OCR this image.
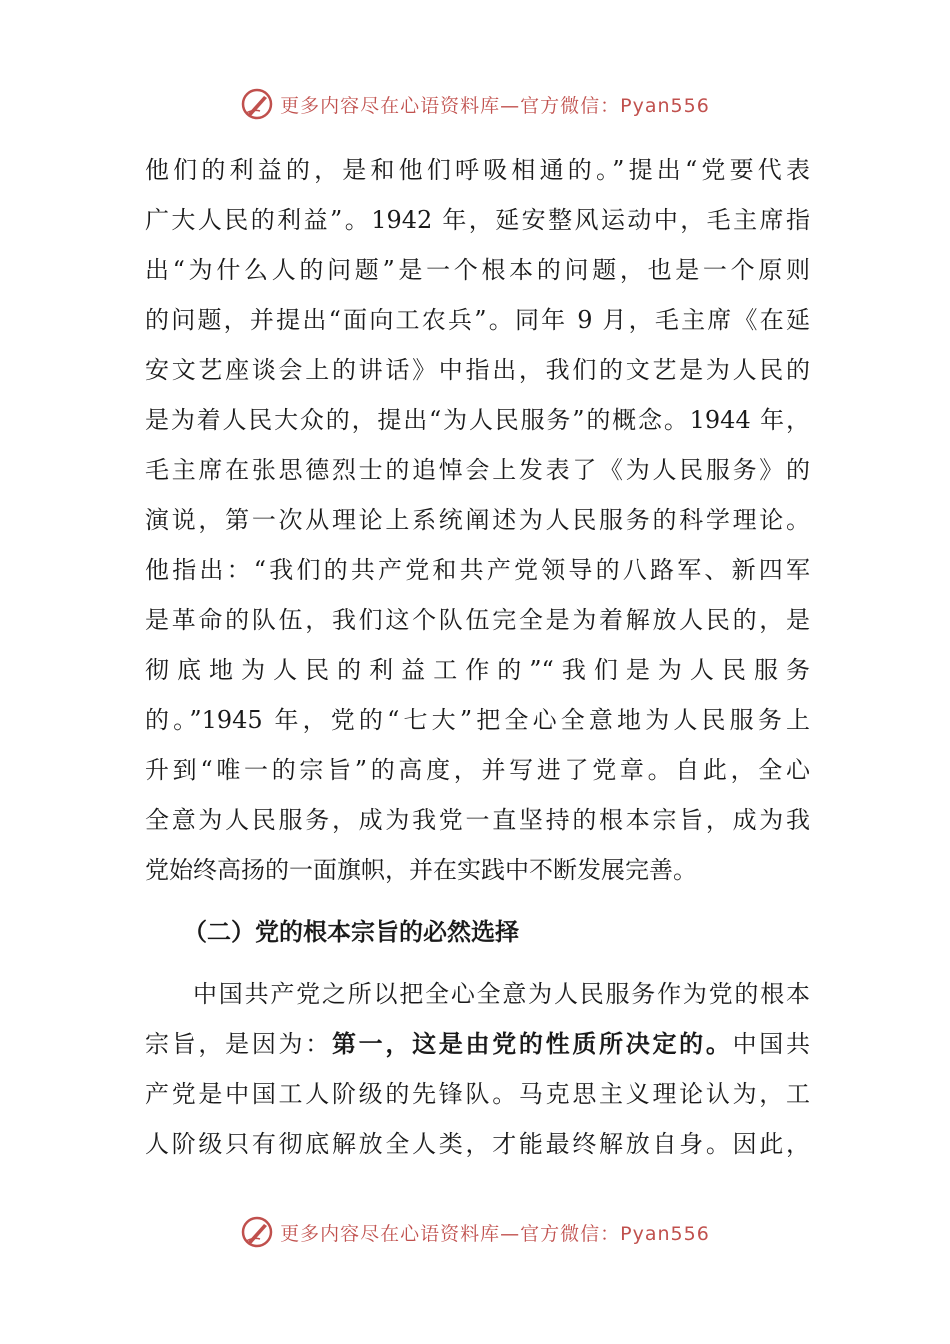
更多内容尽在心语资料库—官方微信：Pyan556
他们的利益的，是和他们呼吸相通的。”提出“党要代表
广大人民的利益”。1942 年，延安整风运动中，毛主席指
出“为什么人的问题”是一个根本的问题，也是一个原则
的问题，并提出“面向工农兵”。同年 9 月，毛主席《在延
安文艺座谈会上的讲话》中指出，我们的文艺是为人民的
是为着人民大众的，提出“为人民服务”的概念。1944 年，
毛主席在张思德烈士的追悼会上发表了《为人民服务》的
演说，第一次从理论上系统阐述为人民服务的科学理论。
他指出：“我们的共产党和共产党领导的八路军、新四军
是革命的队伍，我们这个队伍完全是为着解放人民的，是
彻底地为人民的利益工作的”“我们是为人民服务
的。”1945 年，党的“七大”把全心全意地为人民服务上
升到“唯一的宗旨”的高度，并写进了党章。自此，全心
全意为人民服务，成为我党一直坚持的根本宗旨，成为我
党始终高扬的一面旗帜，并在实践中不断发展完善。
（二）党的根本宗旨的必然选择
中国共产党之所以把全心全意为人民服务作为党的根本
宗旨，是因为：第一，这是由党的性质所决定的。中国共
产党是中国工人阶级的先锋队。马克思主义理论认为，工
人阶级只有彻底解放全人类，才能最终解放自身。因此，
更多内容尽在心语资料库—官方微信：Pyan556
